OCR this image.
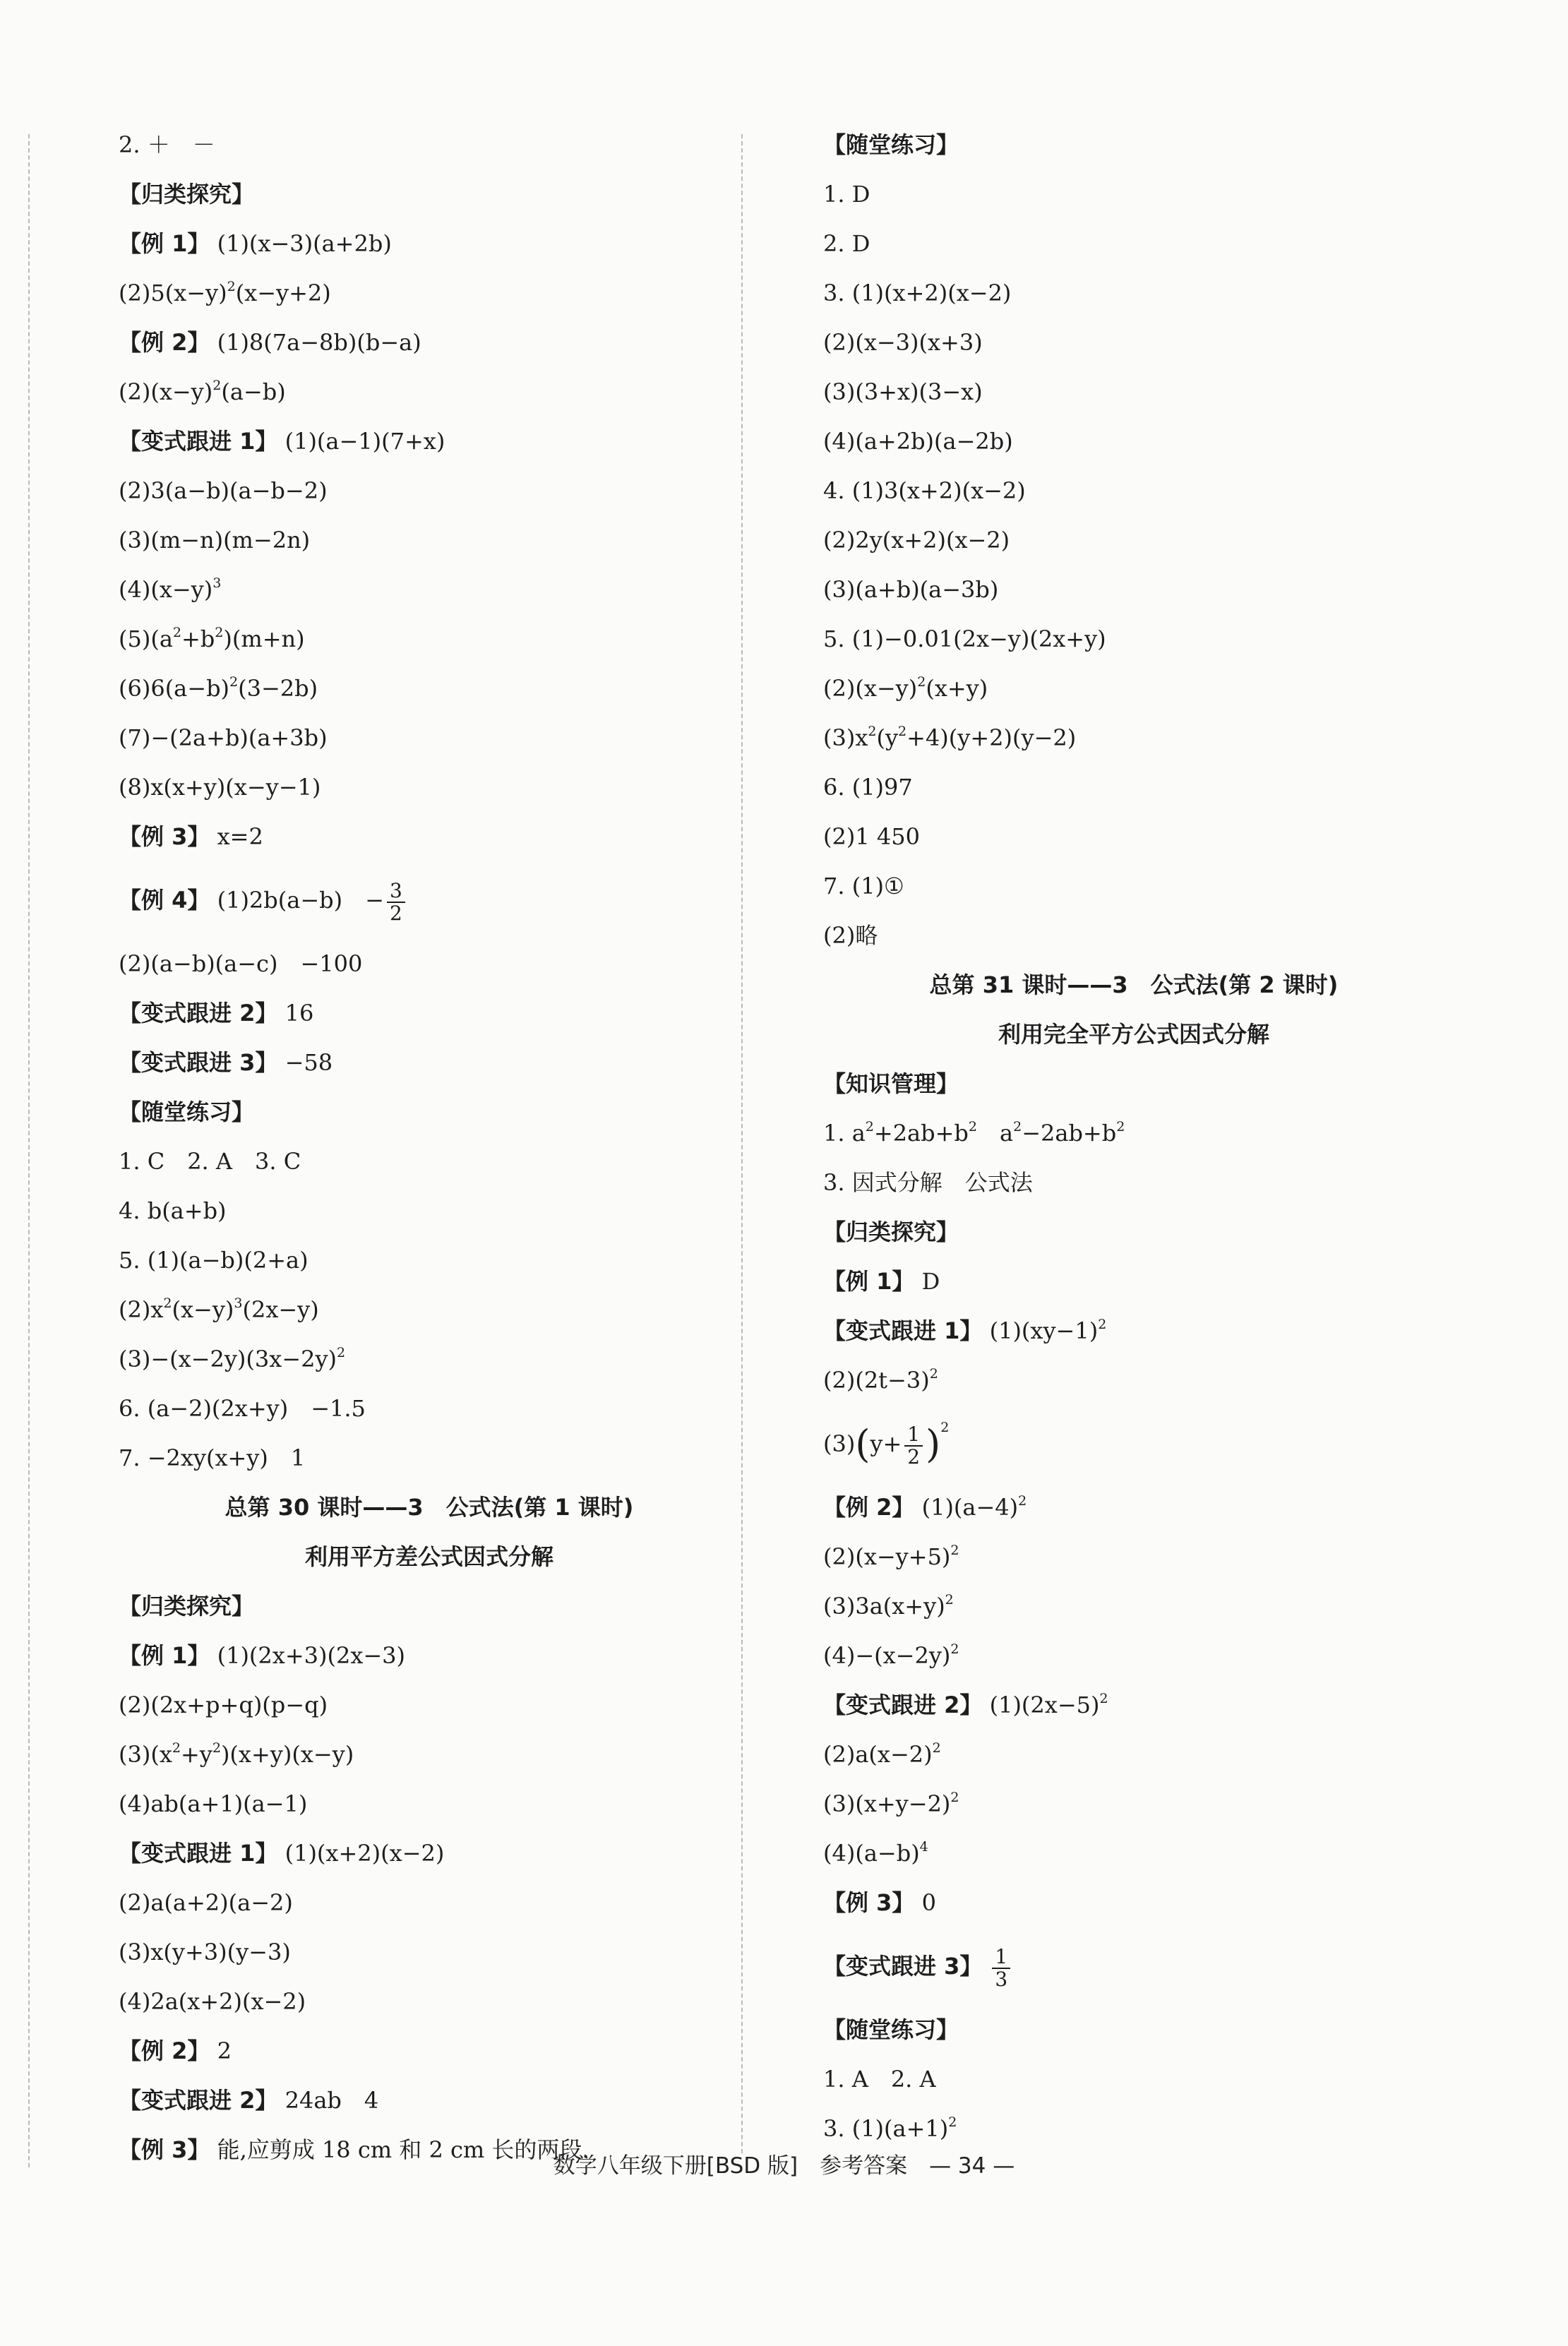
2. ＋　－
【归类探究】
【例 1】 (1)(x−3)(a+2b)
$(2)5(x-y)^2(x-y+2)$
【例 2】 (1)8(7a−8b)(b−a)
$(2)(x-y)^2(a-b)$
【变式跟进 1】 (1)(a−1)(7+x)
(2)3(a−b)(a−b−2)
(3)(m−n)(m−2n)
$(4)(x-y)^3$
$(5)(a^2+b^2)(m+n)$
$(6)6(a-b)^2(3-2b)$
(7)−(2a+b)(a+3b)
(8)x(x+y)(x−y−1)
【例 3】 x=2
【例 4】 (1)2b(a−b)　− $\frac{3}{2}$
(2)(a−b)(a−c)　−100
【变式跟进 2】 16
【变式跟进 3】 −58
【随堂练习】
1. C　2. A　3. C
4. b(a+b)
5. (1)(a−b)(2+a)
$(2)x^2(x-y)^3(2x-y)$
$(3)-(x-2y)(3x-2y)^2$
6. (a−2)(2x+y)　−1.5
7. −2xy(x+y)　1
总第 30 课时——3　公式法(第 1 课时)
利用平方差公式因式分解
【归类探究】
【例 1】 (1)(2x+3)(2x−3)
(2)(2x+p+q)(p−q)
$(3)(x^2+y^2)(x+y)(x-y)$
(4)ab(a+1)(a−1)
【变式跟进 1】 (1)(x+2)(x−2)
(2)a(a+2)(a−2)
(3)x(y+3)(y−3)
(4)2a(x+2)(x−2)
【例 2】 2
【变式跟进 2】 24ab　4
【例 3】 能,应剪成 18 cm 和 2 cm 长的两段.
【随堂练习】
1. D
2. D
3. (1)(x+2)(x−2)
(2)(x−3)(x+3)
(3)(3+x)(3−x)
(4)(a+2b)(a−2b)
4. (1)3(x+2)(x−2)
(2)2y(x+2)(x−2)
(3)(a+b)(a−3b)
5. (1)−0.01(2x−y)(2x+y)
$(2)(x-y)^2(x+y)$
$(3)x^2(y^2+4)(y+2)(y-2)$
6. (1)97
(2)1 450
7. (1)①
(2)略
总第 31 课时——3　公式法(第 2 课时)
利用完全平方公式因式分解
【知识管理】
1. $a^2+2ab+b^2$　$a^2-2ab+b^2$
3. 因式分解　公式法
【归类探究】
【例 1】 D
【变式跟进 1】 $(1)(xy-1)^2$
$(2)(2t-3)^2$
$(3)(y+ \frac{1}{2} )^2$
【例 2】 $(1)(a-4)^2$
$(2)(x-y+5)^2$
$(3)3a(x+y)^2$
$(4)-(x-2y)^2$
【变式跟进 2】 $(1)(2x-5)^2$
$(2)a(x-2)^2$
$(3)(x+y-2)^2$
$(4)(a-b)^4$
【例 3】 0
【变式跟进 3】 $\frac{1}{3}$
【随堂练习】
1. A　2. A
3. $(1)(a+1)^2$
数学八年级下册[BSD 版]　参考答案　— 34 —
